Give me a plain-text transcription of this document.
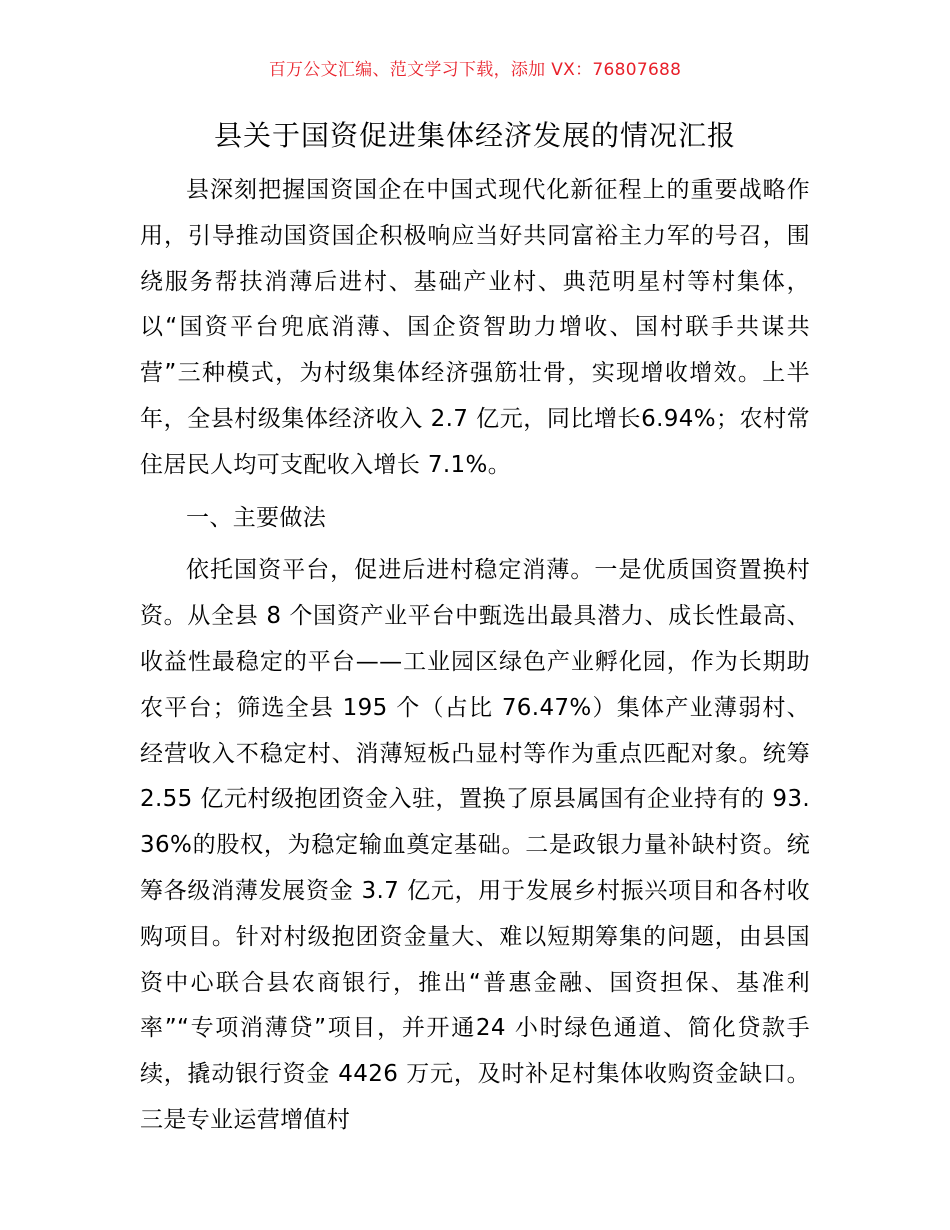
百万公文汇编、范文学习下载，添加 VX：76807688
县关于国资促进集体经济发展的情况汇报

县深刻把握国资国企在中国式现代化新征程上的重要战略作用，引导推动国资国企积极响应当好共同富裕主力军的号召，围绕服务帮扶消薄后进村、基础产业村、典范明星村等村集体，以“国资平台兜底消薄、国企资智助力增收、国村联手共谋共营”三种模式，为村级集体经济强筋壮骨，实现增收增效。上半年，全县村级集体经济收入 2.7 亿元，同比增长6.94%；农村常住居民人均可支配收入增长 7.1%。

一、主要做法

依托国资平台，促进后进村稳定消薄。一是优质国资置换村资。从全县 8 个国资产业平台中甄选出最具潜力、成长性最高、收益性最稳定的平台——工业园区绿色产业孵化园，作为长期助农平台；筛选全县 195 个（占比 76.47%）集体产业薄弱村、经营收入不稳定村、消薄短板凸显村等作为重点匹配对象。统筹 2.55 亿元村级抱团资金入驻，置换了原县属国有企业持有的 93.36%的股权，为稳定输血奠定基础。二是政银力量补缺村资。统筹各级消薄发展资金 3.7 亿元，用于发展乡村振兴项目和各村收购项目。针对村级抱团资金量大、难以短期筹集的问题，由县国资中心联合县农商银行，推出“普惠金融、国资担保、基准利率”“专项消薄贷”项目，并开通24 小时绿色通道、简化贷款手续，撬动银行资金 4426 万元，及时补足村集体收购资金缺口。三是专业运营增值村
